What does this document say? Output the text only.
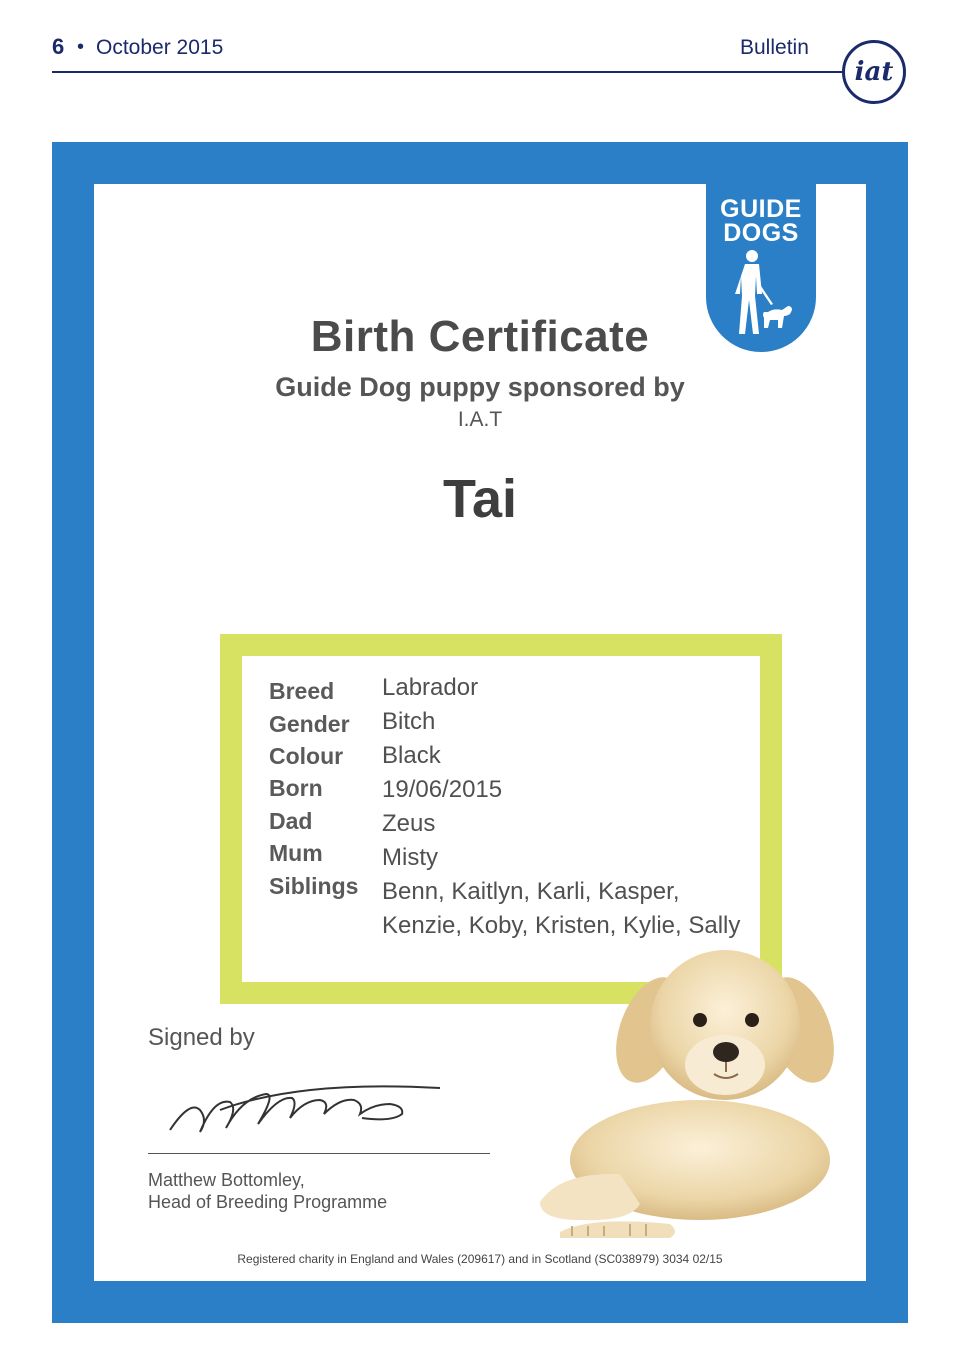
6 • October 2015	Bulletin
iat
GUIDE
DOGS
Birth Certificate
Guide Dog puppy sponsored by
I.A.T
Tai
Breed Labrador
Gender Bitch
Colour Black
Born 19/06/2015
Dad	Zeus
Mum Misty
Siblings Benn, Kaitlyn, Karli, Kasper,
Kenzie, Koby, Kristen, Kylie, Sally
Signed by
Matthew Bottomley,
Head of Breeding Programme
Registered charity in England and Wales (209617) and in Scotland (SC038979) 3034 02/15
